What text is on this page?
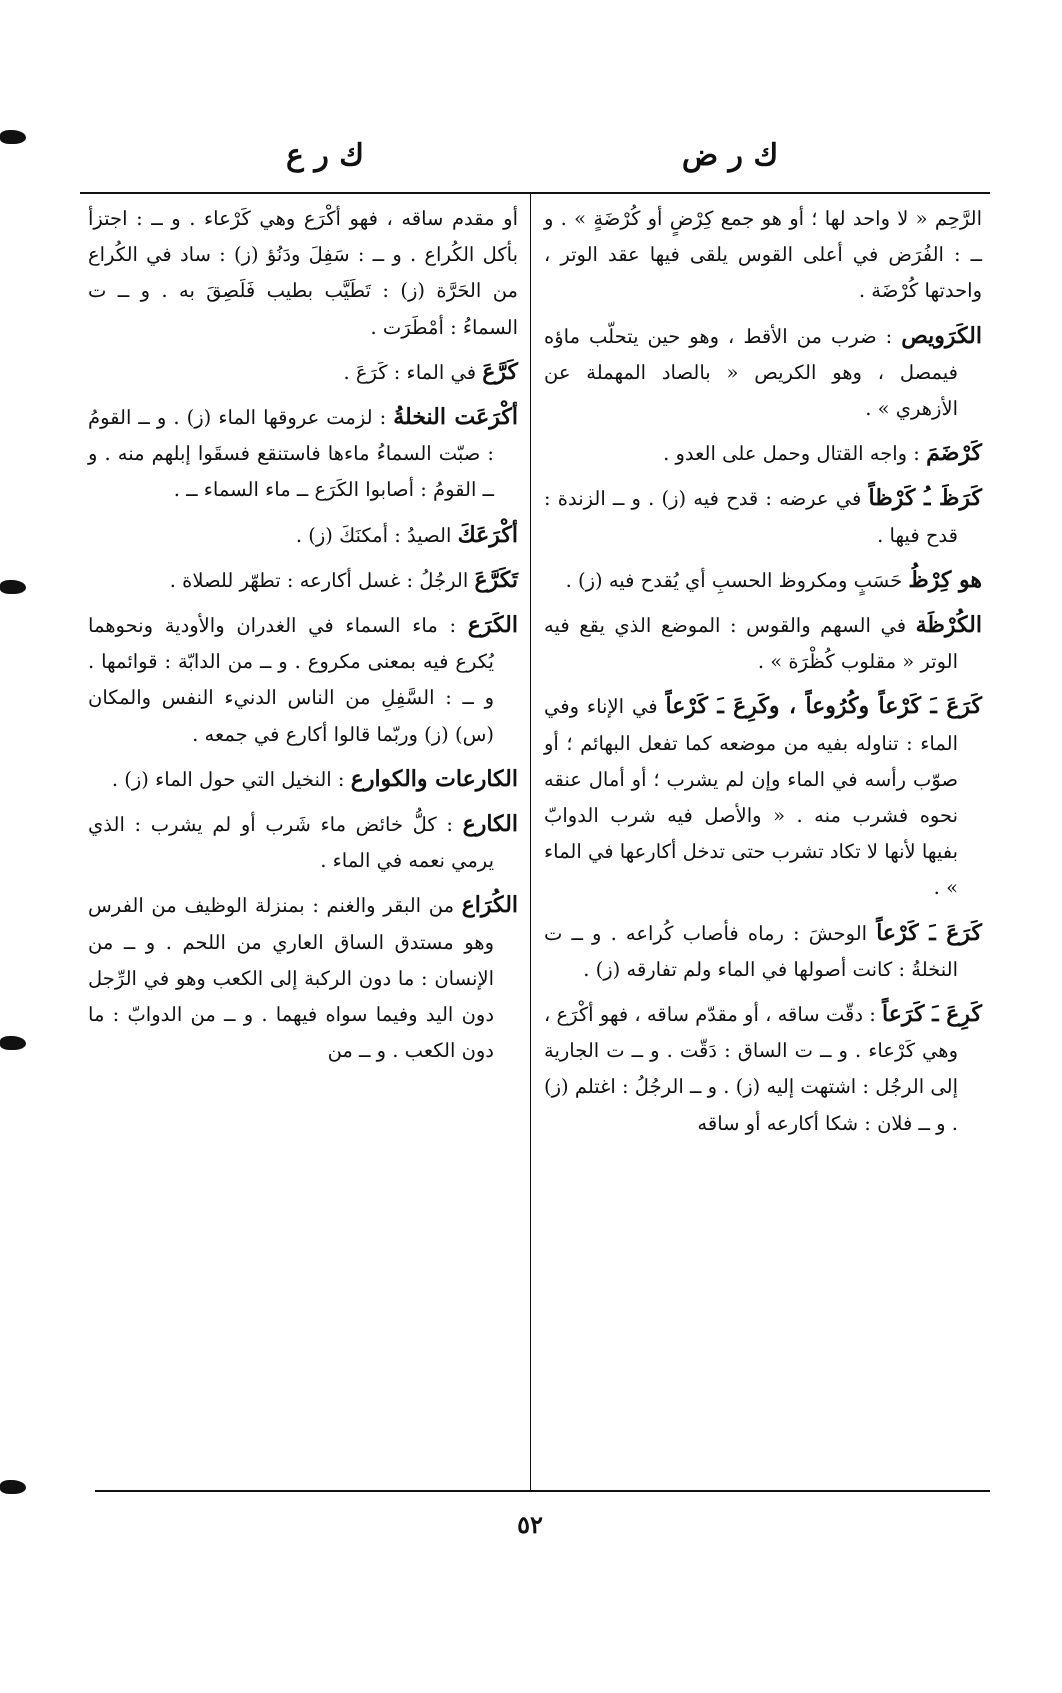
ك ر ض
ك ر ع

الرَّحِم « لا واحد لها ؛ أو هو جمع كِرْضٍ أو كُرْضَةٍ » . و ــ : الفُرَض في أعلى القوس يلقى فيها عقد الوتر ، واحدتها كُرْضَة .

الكَرَويص : ضرب من الأقط ، وهو حين يتحلّب ماؤه فيمصل ، وهو الكريص « بالصاد المهملة عن الأزهري » .

كَرْضَمَ : واجه القتال وحمل على العدو .

كَرَظَ ـُ كَرْظاً في عرضه : قدح فيه (ز) . و ــ الزندة : قدح فيها .

هو كِرْظُ حَسَبٍ ومكروظ الحسبِ أي يُقدح فيه (ز) .

الكُرْظَة في السهم والقوس : الموضع الذي يقع فيه الوتر « مقلوب كُظْرَة » .

كَرَعَ ـَ كَرْعاً وكُرُوعاً ، وكَرِعَ ـَ كَرْعاً في الإناء وفي الماء : تناوله بفيه من موضعه كما تفعل البهائم ؛ أو صوّب رأسه في الماء وإن لم يشرب ؛ أو أمال عنقه نحوه فشرب منه . « والأصل فيه شرب الدوابّ بفيها لأنها لا تكاد تشرب حتى تدخل أكارعها في الماء » .

كَرَعَ ـَ كَرْعاً الوحشَ : رماه فأصاب كُراعه . و ــ ت النخلةُ : كانت أصولها في الماء ولم تفارقه (ز) .

كَرِعَ ـَ كَرَعاً : دقّت ساقه ، أو مقدّم ساقه ، فهو أكْرَع ، وهي كَرْعاء . و ــ ت الساق : دَقّت . و ــ ت الجارية إلى الرجُل : اشتهت إليه (ز) . و ــ الرجُلُ : اغتلم (ز) . و ــ فلان : شكا أكارعه أو ساقه

أو مقدم ساقه ، فهو أكْرَع وهي كَرْعاء . و ــ : اجتزأ بأكل الكُراع . و ــ : سَفِلَ ودَنُؤ (ز) : ساد في الكُراع من الحَرَّة (ز) : تَطَيَّب بطيب فَلَصِقَ به . و ــ ت السماءُ : أمْطَرَت .

كَرَّعَ في الماء : كَرَعَ .

أكْرَعَت النخلةُ : لزمت عروقها الماء (ز) . و ــ القومُ : صبّت السماءُ ماءها فاستنقع فسقَوا إبلهم منه . و ــ القومُ : أصابوا الكَرَع ــ ماء السماء ــ .

أكْرَعَكَ الصيدُ : أمكنَكَ (ز) .

تَكَرَّعَ الرجُلُ : غسل أكارعه : تطهّر للصلاة .

الكَرَع : ماء السماء في الغدران والأودية ونحوهما يُكرع فيه بمعنى مكروع . و ــ من الدابّة : قوائمها . و ــ : السَّفِلِ من الناس الدنيء النفس والمكان (س) (ز) وربّما قالوا أكارع في جمعه .

الكارعات والكوارع : النخيل التي حول الماء (ز) .

الكارع : كلُّ خائض ماء شَرب أو لم يشرب : الذي يرمي نعمه في الماء .

الكُرَاع من البقر والغنم : بمنزلة الوظيف من الفرس وهو مستدق الساق العاري من اللحم . و ــ من الإنسان : ما دون الركبة إلى الكعب وهو في الرِّجل دون اليد وفيما سواه فيهما . و ــ من الدوابّ : ما دون الكعب . و ــ من

٥٢
